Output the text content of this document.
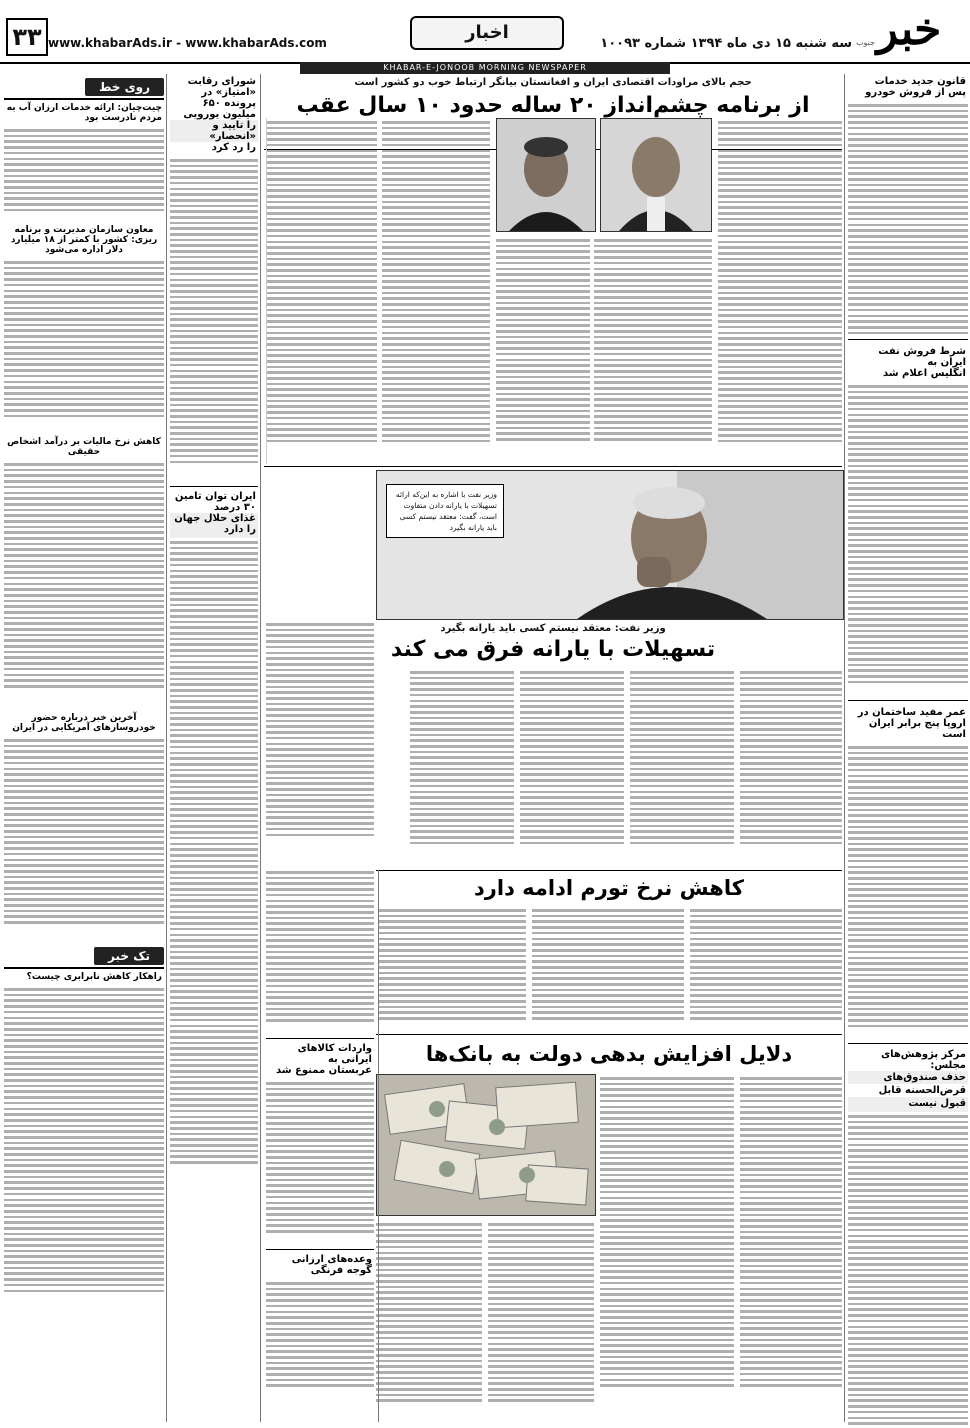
خبر
جنوب
سه شنبه ۱۵ دی ماه ۱۳۹۴ شماره ۱۰۰۹۳
اخبار
www.khabarAds.ir - www.khabarAds.com
۳۳
KHABAR-E-JONOOB MORNING NEWSPAPER
قانون جدید خدمات
پس از فروش خودرو
شرط فروش نفت ایران به
انگلیس اعلام شد
عمر مفید ساختمان در
اروپا پنج برابر ایران است
مرکز پژوهش‌های مجلس:
حذف صندوق‌های
قرض‌الحسنه قابل
قبول نیست
حجم بالای مراودات اقتصادی ایران و افغانستان بیانگر ارتباط خوب دو کشور است
از برنامه چشم‌انداز ۲۰ ساله حدود ۱۰ سال عقب
وزیر نفت با اشاره به این‌که ارائه تسهیلات با یارانه دادن متفاوت است، گفت: معتقد نیستم کسی باید یارانه بگیرد
وزیر نفت: معتقد نیستم کسی باید یارانه بگیرد
تسهیلات با یارانه فرق می کند
کاهش نرخ تورم ادامه دارد
دلایل افزایش بدهی دولت به بانک‌ها
واردات کالاهای ایرانی به
عربستان ممنوع شد
وعده‌های ارزانی
گوجه فرنگی
شورای رقابت «امتیاز» در
پرونده ۶۵۰ میلیون یورویی
را تایید و «انحصار»
را رد کرد
ایران توان تامین ۳۰ درصد
غذای حلال جهان را دارد
روی خط
چیت‌چیان: ارائه خدمات ارزان آب به مردم نادرست بود
معاون سازمان مدیریت و برنامه ریزی: کشور با کمتر از ۱۸ میلیارد دلار اداره می‌شود
کاهش نرخ مالیات بر درآمد اشخاص حقیقی
آخرین خبر درباره حضور خودروسازهای آمریکایی در ایران
تک خبر
راهکار کاهش نابرابری چیست؟
